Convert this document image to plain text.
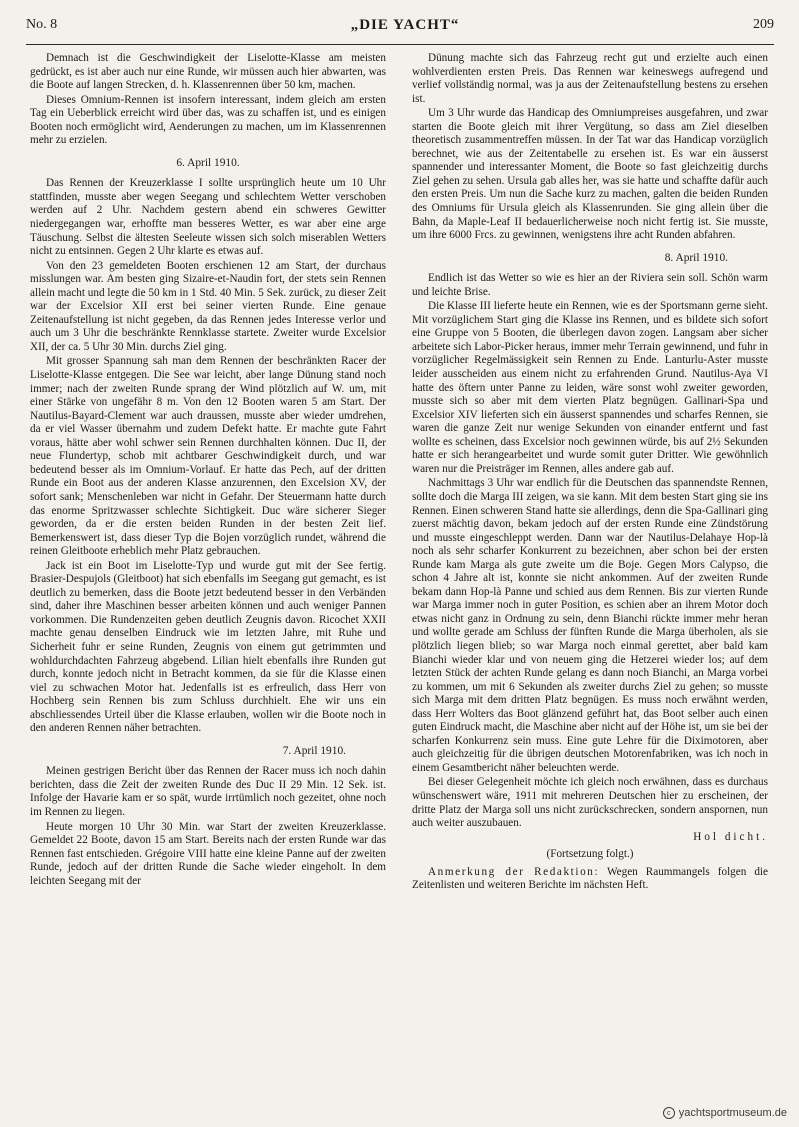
No. 8	„DIE YACHT“	209

Demnach ist die Geschwindigkeit der Liselotte-Klasse am meisten gedrückt, es ist aber auch nur eine Runde, wir müssen auch hier abwarten, was die Boote auf langen Strecken, d. h. Klassenrennen über 50 km, machen.

Dieses Omnium-Rennen ist insofern interessant, indem gleich am ersten Tag ein Ueberblick erreicht wird über das, was zu schaffen ist, und es einigen Booten noch ermöglicht wird, Aenderungen zu machen, um im Klassenrennen mehr zu erzielen.

6. April 1910.

Das Rennen der Kreuzerklasse I sollte ursprünglich heute um 10 Uhr stattfinden, musste aber wegen Seegang und schlechtem Wetter verschoben werden auf 2 Uhr. Nachdem gestern abend ein schweres Gewitter niedergegangen war, erhoffte man besseres Wetter, es war aber eine arge Täuschung. Selbst die ältesten Seeleute wissen sich solch miserablen Wetters nicht zu entsinnen. Gegen 2 Uhr klarte es etwas auf.

Von den 23 gemeldeten Booten erschienen 12 am Start, der durchaus misslungen war. Am besten ging Sizaire-et-Naudin fort, der stets sein Rennen allein macht und legte die 50 km in 1 Std. 40 Min. 5 Sek. zurück, zu dieser Zeit war der Excelsior XII erst bei seiner vierten Runde. Eine genaue Zeitenaufstellung ist nicht gegeben, da das Rennen jedes Interesse verlor und auch um 3 Uhr die beschränkte Rennklasse startete. Zweiter wurde Excelsior XII, der ca. 5 Uhr 30 Min. durchs Ziel ging.

Mit grosser Spannung sah man dem Rennen der beschränkten Racer der Liselotte-Klasse entgegen. Die See war leicht, aber lange Dünung stand noch immer; nach der zweiten Runde sprang der Wind plötzlich auf W. um, mit einer Stärke von ungefähr 8 m. Von den 12 Booten waren 5 am Start. Der Nautilus-Bayard-Clement war auch draussen, musste aber wieder umdrehen, da er viel Wasser übernahm und zudem Defekt hatte. Er machte gute Fahrt voraus, hätte aber wohl schwer sein Rennen durchhalten können. Duc II, der neue Flundertyp, schob mit achtbarer Geschwindigkeit durch, und war bedeutend besser als im Omnium-Vorlauf. Er hatte das Pech, auf der dritten Runde ein Boot aus der anderen Klasse anzurennen, den Excelsion XV, der sofort sank; Menschenleben war nicht in Gefahr. Der Steuermann hatte durch das enorme Spritzwasser schlechte Sichtigkeit. Duc wäre sicherer Sieger geworden, da er die ersten beiden Runden in der besten Zeit lief. Bemerkenswert ist, dass dieser Typ die Bojen vorzüglich rundet, während die reinen Gleitboote erheblich mehr Platz gebrauchen.

Jack ist ein Boot im Liselotte-Typ und wurde gut mit der See fertig. Brasier-Despujols (Gleitboot) hat sich ebenfalls im Seegang gut gemacht, es ist deutlich zu bemerken, dass die Boote jetzt bedeutend besser in den Verbänden sind, daher ihre Maschinen besser arbeiten können und auch weniger Pannen vorkommen. Die Rundenzeiten geben deutlich Zeugnis davon. Ricochet XXII machte genau denselben Eindruck wie im letzten Jahre, mit Ruhe und Sicherheit fuhr er seine Runden, Zeugnis von einem gut getrimmten und wohldurchdachten Fahrzeug abgebend. Lilian hielt ebenfalls ihre Runden gut durch, konnte jedoch nicht in Betracht kommen, da sie für die Klasse einen viel zu schwachen Motor hat. Jedenfalls ist es erfreulich, dass Herr von Hochberg sein Rennen bis zum Schluss durchhielt. Ehe wir uns ein abschliessendes Urteil über die Klasse erlauben, wollen wir die Boote noch in den anderen Rennen näher betrachten.

7. April 1910.

Meinen gestrigen Bericht über das Rennen der Racer muss ich noch dahin berichten, dass die Zeit der zweiten Runde des Duc II 29 Min. 12 Sek. ist. Infolge der Havarie kam er so spät, wurde irrtümlich noch gezeitet, ohne noch im Rennen zu liegen.

Heute morgen 10 Uhr 30 Min. war Start der zweiten Kreuzerklasse. Gemeldet 22 Boote, davon 15 am Start. Bereits nach der ersten Runde war das Rennen fast entschieden. Grégoire VIII hatte eine kleine Panne auf der zweiten Runde, jedoch auf der dritten Runde die Sache wieder eingeholt. In dem leichten Seegang mit der

Dünung machte sich das Fahrzeug recht gut und erzielte auch einen wohlverdienten ersten Preis. Das Rennen war keineswegs aufregend und verlief vollständig normal, was ja aus der Zeitenaufstellung bestens zu ersehen ist.

Um 3 Uhr wurde das Handicap des Omniumpreises ausgefahren, und zwar starten die Boote gleich mit ihrer Vergütung, so dass am Ziel dieselben theoretisch zusammentreffen müssen. In der Tat war das Handicap vorzüglich berechnet, wie aus der Zeitentabelle zu ersehen ist. Es war ein äusserst spannender und interessanter Moment, die Boote so fast gleichzeitig durchs Ziel gehen zu sehen. Ursula gab alles her, was sie hatte und schaffte dafür auch den ersten Preis. Um nun die Sache kurz zu machen, galten die beiden Runden des Omniums für Ursula gleich als Klassenrunden. Sie ging allein über die Bahn, da Maple-Leaf II bedauerlicherweise noch nicht fertig ist. Sie musste, um ihre 6000 Frcs. zu gewinnen, wenigstens ihre acht Runden abfahren.

8. April 1910.

Endlich ist das Wetter so wie es hier an der Riviera sein soll. Schön warm und leichte Brise.

Die Klasse III lieferte heute ein Rennen, wie es der Sportsmann gerne sieht. Mit vorzüglichem Start ging die Klasse ins Rennen, und es bildete sich sofort eine Gruppe von 5 Booten, die überlegen davon zogen. Langsam aber sicher arbeitete sich Labor-Picker heraus, immer mehr Terrain gewinnend, und fuhr in vorzüglicher Regelmässigkeit sein Rennen zu Ende. Lanturlu-Aster musste leider ausscheiden aus einem nicht zu erfahrenden Grund. Nautilus-Aya VI hatte des öftern unter Panne zu leiden, wäre sonst wohl zweiter geworden, musste sich so aber mit dem vierten Platz begnügen. Gallinari-Spa und Excelsior XIV lieferten sich ein äusserst spannendes und scharfes Rennen, sie waren die ganze Zeit nur wenige Sekunden von einander entfernt und fast wollte es scheinen, dass Excelsior noch gewinnen würde, bis auf 2½ Sekunden hatte er sich herangearbeitet und wurde somit guter Dritter. Wie gewöhnlich waren nur die Preisträger im Rennen, alles andere gab auf.

Nachmittags 3 Uhr war endlich für die Deutschen das spannendste Rennen, sollte doch die Marga III zeigen, wa sie kann. Mit dem besten Start ging sie ins Rennen. Einen schweren Stand hatte sie allerdings, denn die Spa-Gallinari ging zuerst mächtig davon, bekam jedoch auf der ersten Runde eine Zündstörung und musste eingeschleppt werden. Dann war der Nautilus-Delahaye Hop-là noch als sehr scharfer Konkurrent zu bezeichnen, aber schon bei der ersten Runde kam Marga als gute zweite um die Boje. Gegen Mors Calypso, die schon 4 Jahre alt ist, konnte sie nicht ankommen. Auf der zweiten Runde bekam dann Hop-là Panne und schied aus dem Rennen. Bis zur vierten Runde war Marga immer noch in guter Position, es schien aber an ihrem Motor doch etwas nicht ganz in Ordnung zu sein, denn Bianchi rückte immer mehr heran und wollte gerade am Schluss der fünften Runde die Marga überholen, als sie plötzlich liegen blieb; so war Marga noch einmal gerettet, aber bald kam Bianchi wieder klar und von neuem ging die Hetzerei wieder los; auf dem letzten Stück der achten Runde gelang es dann noch Bianchi, an Marga vorbei zu kommen, um mit 6 Sekunden als zweiter durchs Ziel zu gehen; so musste sich Marga mit dem dritten Platz begnügen. Es muss noch erwähnt werden, dass Herr Wolters das Boot glänzend geführt hat, das Boot selber auch einen guten Eindruck macht, die Maschine aber nicht auf der Höhe ist, um sie bei der scharfen Konkurrenz sein muss. Eine gute Lehre für die Diximotoren, aber auch gleichzeitig für die übrigen deutschen Motorenfabriken, was ich noch in einem Gesamtbericht näher beleuchten werde.

Bei dieser Gelegenheit möchte ich gleich noch erwähnen, dass es durchaus wünschenswert wäre, 1911 mit mehreren Deutschen hier zu erscheinen, der dritte Platz der Marga soll uns nicht zurückschrecken, sondern anspornen, nun auch weiter auszubauen.

Hol dicht.
(Fortsetzung folgt.)

Anmerkung der Redaktion: Wegen Raummangels folgen die Zeitenlisten und weiteren Berichte im nächsten Heft.

c yachtsportmuseum.de
